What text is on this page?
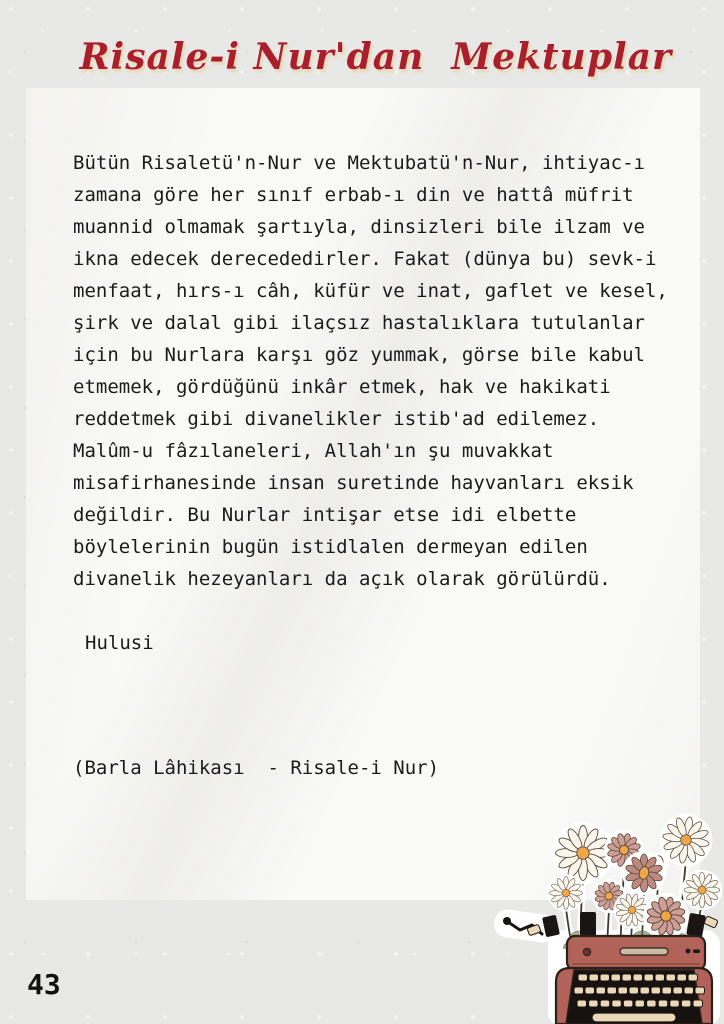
Risale-i Nur'dan  Mektuplar
Bütün Risaletü'n-Nur ve Mektubatü'n-Nur, ihtiyac-ı
zamana göre her sınıf erbab-ı din ve hattâ müfrit
muannid olmamak şartıyla, dinsizleri bile ilzam ve
ikna edecek derecededirler. Fakat (dünya bu) sevk-i
menfaat, hırs-ı câh, küfür ve inat, gaflet ve kesel,
şirk ve dalal gibi ilaçsız hastalıklara tutulanlar
için bu Nurlara karşı göz yummak, görse bile kabul
etmemek, gördüğünü inkâr etmek, hak ve hakikati
reddetmek gibi divanelikler istib'ad edilemez.
Malûm-u fâzılaneleri, Allah'ın şu muvakkat
misafirhanesinde insan suretinde hayvanları eksik
değildir. Bu Nurlar intişar etse idi elbette
böylelerinin bugün istidlalen dermeyan edilen
divanelik hezeyanları da açık olarak görülürdü.
Hulusi
(Barla Lâhikası  - Risale-i Nur)
43
